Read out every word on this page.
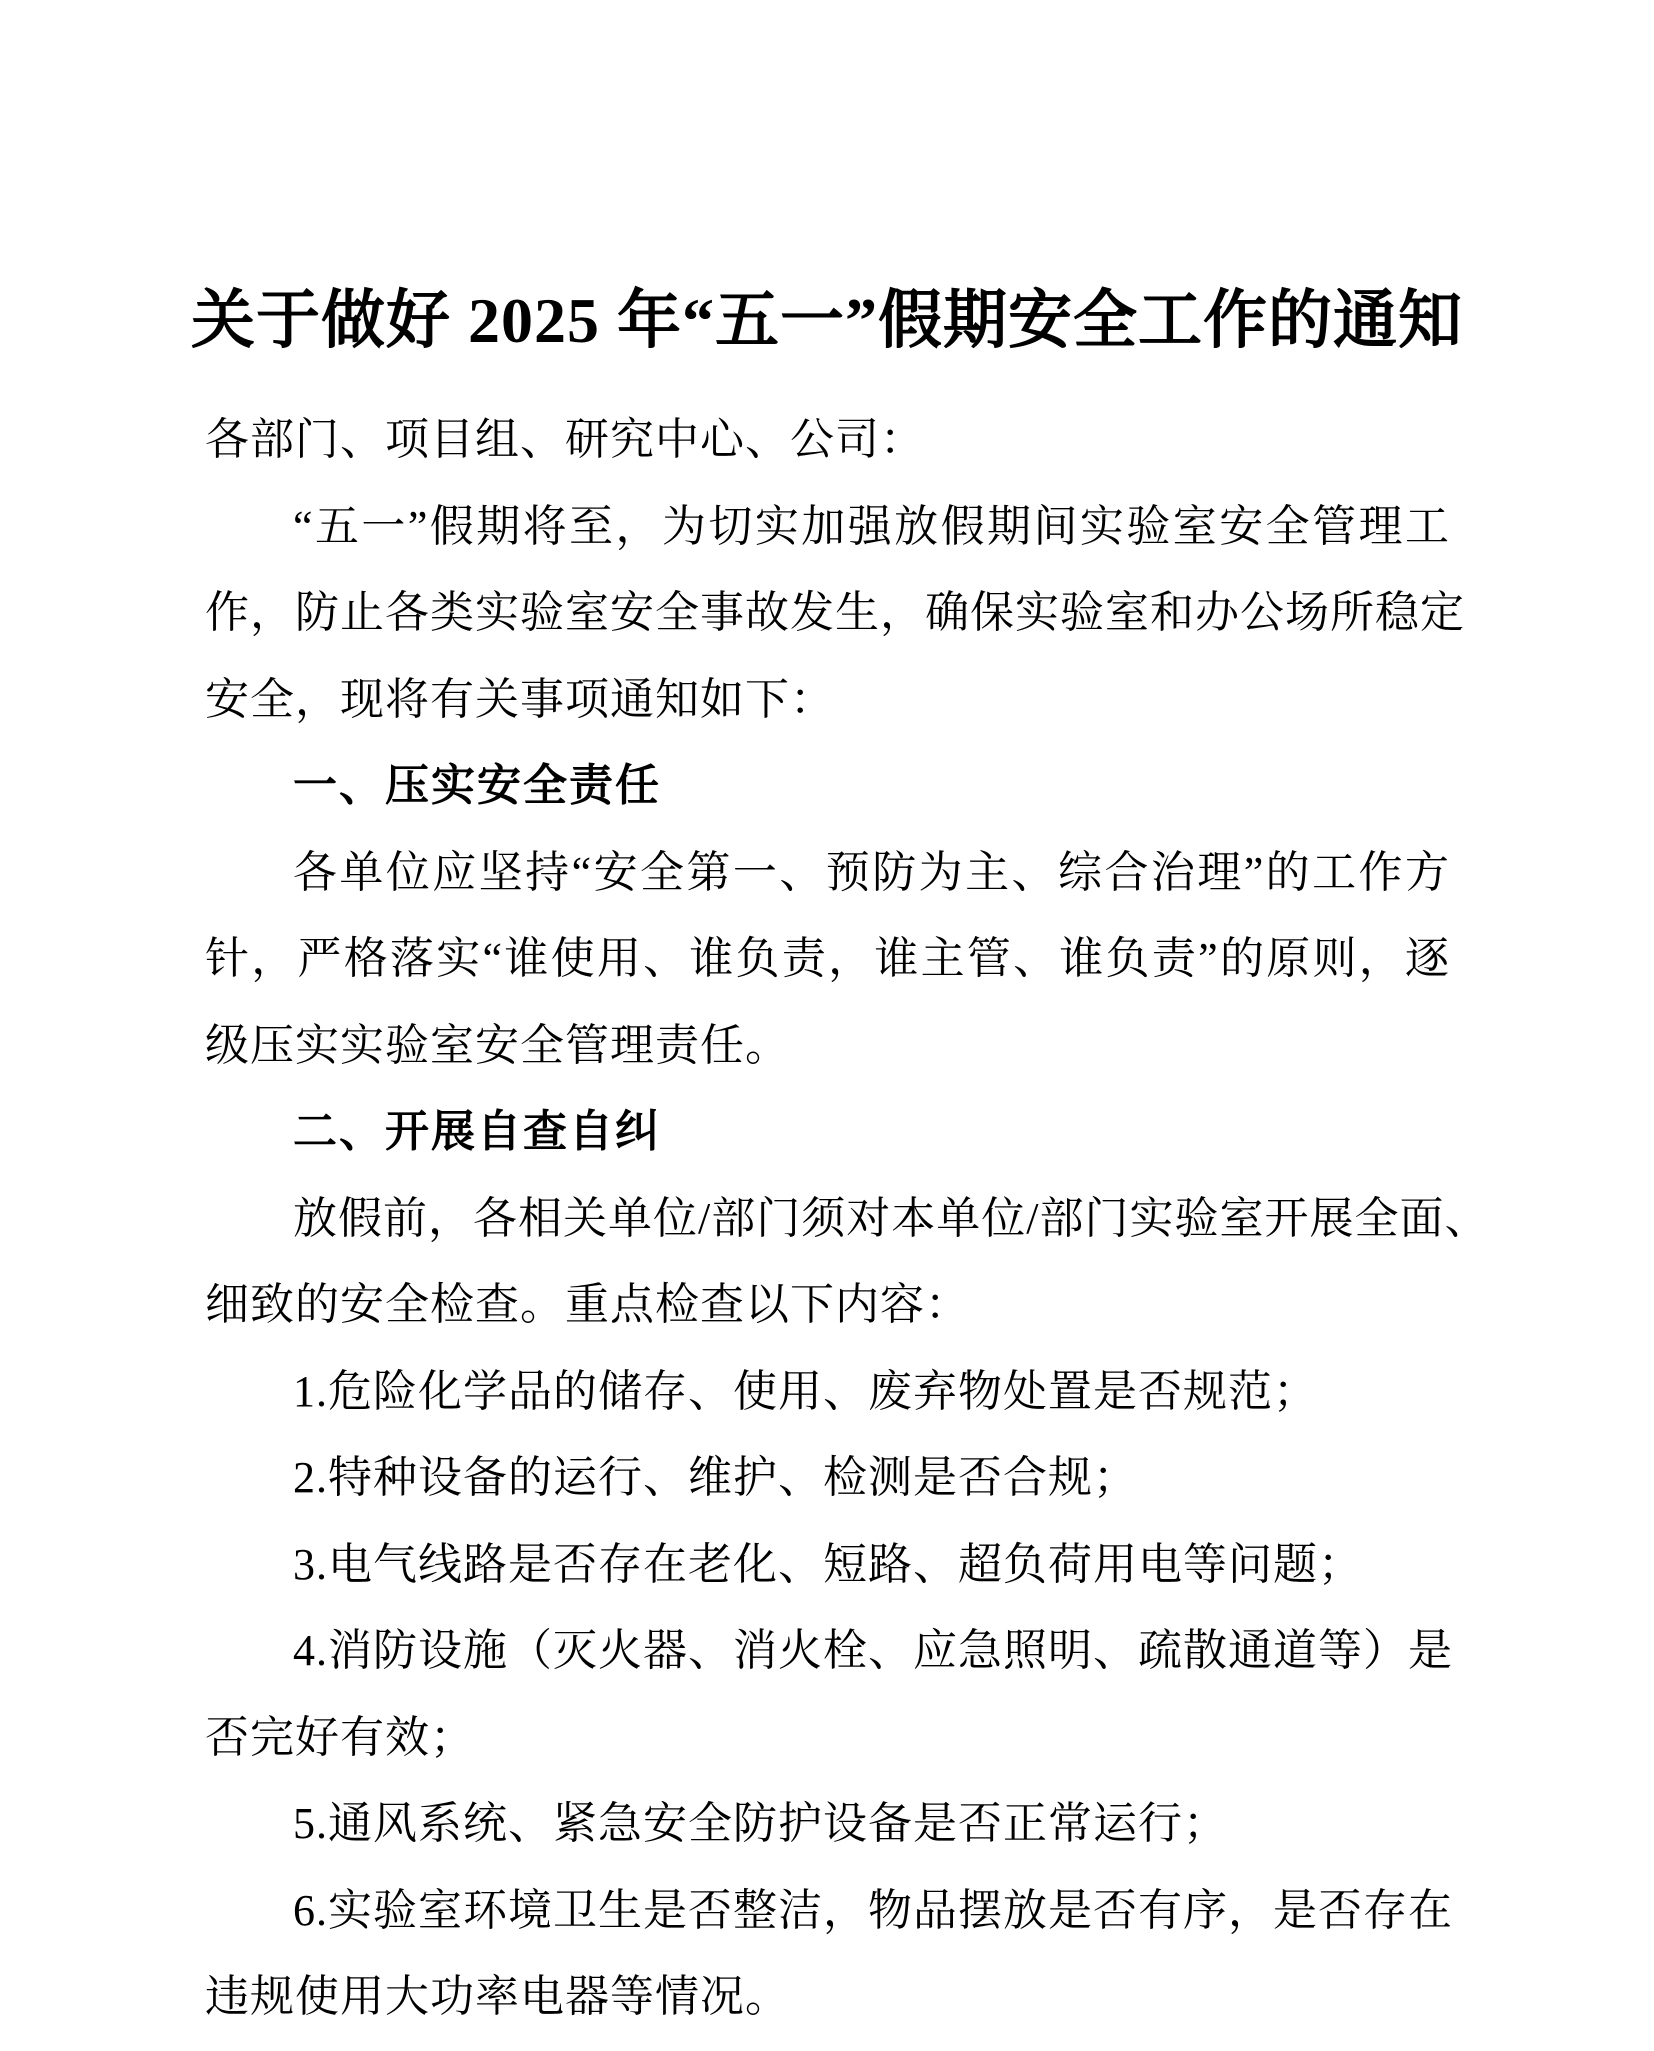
关于做好 2025 年“五一”假期安全工作的通知
各部门、项目组、研究中心、公司：
“五一”假期将至，为切实加强放假期间实验室安全管理工
作，防止各类实验室安全事故发生，确保实验室和办公场所稳定
安全，现将有关事项通知如下：
一、压实安全责任
各单位应坚持“安全第一、预防为主、综合治理”的工作方
针，严格落实“谁使用、谁负责，谁主管、谁负责”的原则，逐
级压实实验室安全管理责任。
二、开展自查自纠
放假前，各相关单位/部门须对本单位/部门实验室开展全面、
细致的安全检查。重点检查以下内容：
1.危险化学品的储存、使用、废弃物处置是否规范；
2.特种设备的运行、维护、检测是否合规；
3.电气线路是否存在老化、短路、超负荷用电等问题；
4.消防设施（灭火器、消火栓、应急照明、疏散通道等）是
否完好有效；
5.通风系统、紧急安全防护设备是否正常运行；
6.实验室环境卫生是否整洁，物品摆放是否有序，是否存在
违规使用大功率电器等情况。
